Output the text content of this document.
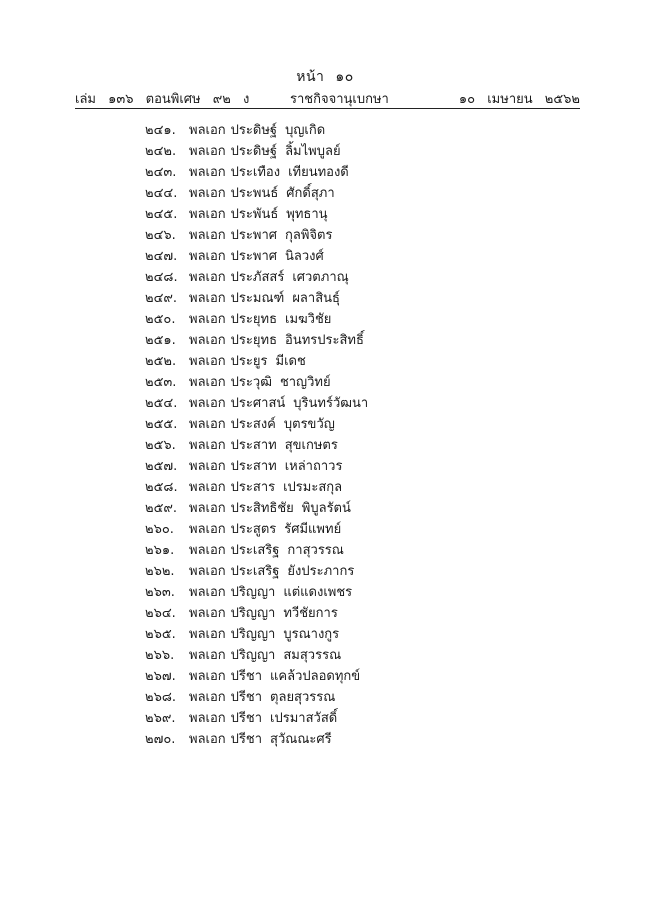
หน้า ๑๐
เล่ม ๑๓๖ ตอนพิเศษ ๙๒ ง	ราชกิจจานุเบกษา	๑๐ เมษายน ๒๕๖๒
๒๔๑. พลเอก ประดิษฐ์ บุญเกิด
๒๔๒. พลเอก ประดิษฐ์ ลิ้มไพบูลย์
๒๔๓. พลเอก ประเทือง เทียนทองดี
๒๔๔. พลเอก ประพนธ์ ศักดิ์สุภา
๒๔๕. พลเอก ประพันธ์ พุทธานุ
๒๔๖. พลเอก ประพาศ กุลพิจิตร
๒๔๗. พลเอก ประพาศ นิลวงศ์
๒๔๘. พลเอก ประภัสสร์ เศวตภาณุ
๒๔๙. พลเอก ประมณฑ์ ผลาสินธุ์
๒๕๐. พลเอก ประยุทธ เมฆวิชัย
๒๕๑. พลเอก ประยุทธ อินทรประสิทธิ์
๒๕๒. พลเอก ประยูร มีเดช
๒๕๓. พลเอก ประวุฒิ ชาญวิทย์
๒๕๔. พลเอก ประศาสน์ บุรินทร์วัฒนา
๒๕๕. พลเอก ประสงค์ บุตรขวัญ
๒๕๖. พลเอก ประสาท สุขเกษตร
๒๕๗. พลเอก ประสาท เหล่าถาวร
๒๕๘. พลเอก ประสาร เปรมะสกุล
๒๕๙. พลเอก ประสิทธิชัย พิบูลรัตน์
๒๖๐. พลเอก ประสูตร รัศมีแพทย์
๒๖๑. พลเอก ประเสริฐ กาสุวรรณ
๒๖๒. พลเอก ประเสริฐ ยังประภากร
๒๖๓. พลเอก ปริญญา แต่แดงเพชร
๒๖๔. พลเอก ปริญญา ทวีชัยการ
๒๖๕. พลเอก ปริญญา บูรณางกูร
๒๖๖. พลเอก ปริญญา สมสุวรรณ
๒๖๗. พลเอก ปรีชา แคล้วปลอดทุกข์
๒๖๘. พลเอก ปรีชา ตุลยสุวรรณ
๒๖๙. พลเอก ปรีชา เปรมาสวัสดิ์
๒๗๐. พลเอก ปรีชา สุวัณณะศรี
